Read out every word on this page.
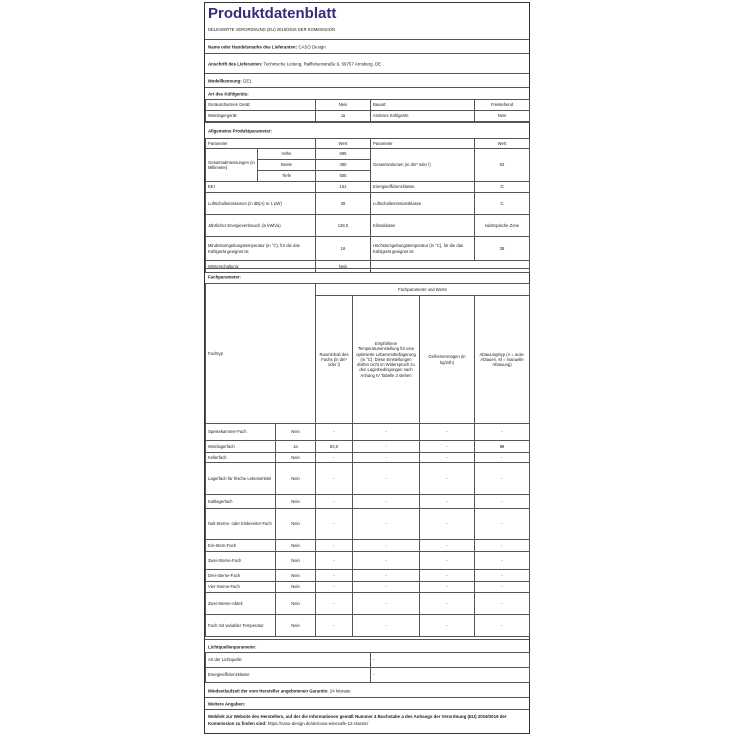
Produktdatenblatt
DELEGIERTE VERORDNUNG (EU) 2019/2016 DER KOMMISSION
Name oder Handelsmarke des Lieferanten: CASO Design
Anschrift des Lieferanten: Technische Leitung, Raiffeisenstraße 9, 59757 Arnsberg, DE
Modellkennung: GE1
Art des Kühlgeräts:
Geräuscharmes Gerät:	Nein	Bauart:	Freistehend
Weinlagergerät:	Ja	Anderes Kühlgerät:	Nein
Allgemeine Produktparameter:
Parameter		Wert	Parameter	Wert
Gesamtabmessungen (in Millimeter)	Höhe	695	Gesamtvolumen (in dm³ oder l)	63
	Breite	390		
	Tiefe	505		
EEI		161	Energieeffizienzklasse	G
Luftschallemissionen (in dB(A) re 1 pW)		39	Luftschallemissionsklasse	C
Jährlicher Energieverbrauch (in kWh/a)		128,0	Klimaklasse	subtropische Zone
Mindestumgebungstemperatur (in °C), für die das Kühlgerät geeignet ist		16	Höchstumgebungstemperatur (in °C), für die das Kühlgerät geeignet ist	38
Winterschaltung:		Nein		
Fachparameter:
Fachtyp		Fachparameter und Werte			
		Rauminhalt des Fachs (in dm³ oder l)	Empfohlene Temperatureinstellung für eine optimierte Lebensmittellagerung (in °C). Diese Einstellungen dürfen nicht im Widerspruch zu den Lagerbedingungen nach Anhang IV Tabelle 3 stehen	Gefriervermögen (in kg/24h)	Abtauungstyp (A = auto-Abtauen, M = manuelle Abtauung)
Speisekammer-Fach	Nein	-	-	-	-
Weinlagerfach	Ja	63,0	-	-	M
Kellerfach	Nein	-	-	-	-
Lagerfach für frische Lebensmittel	Nein	-	-	-	-
Kaltlagerfach	Nein	-	-	-	-
Null-Sterne- oder Eisbereiter-Fach	Nein	-	-	-	-
Ein-Stern-Fach	Nein	-	-	-	-
Zwei-Sterne-Fach	Nein	-	-	-	-
Drei-Sterne-Fach	Nein	-	-	-	-
Vier-Sterne-Fach	Nein	-	-	-	-
Zwei-Sterne-Abteil	Nein	-	-	-	-
Fach mit variabler Temperatur	Nein	-	-	-	-
Lichtquellenparameter:
Art der Lichtquelle	-
Energieeffizienzklasse	-
Mindestlaufzeit der vom Hersteller angebotenen Garantie: 24 Monate
Weitere Angaben:
Weblink zur Website des Herstellers, auf der die Informationen gemäß Nummer 4 Buchstabe a des Anhangs der Verordnung (EU) 2019/2019 der Kommission zu finden sind: https://caso-design.de/de/caso-winecafe-12-classic/
